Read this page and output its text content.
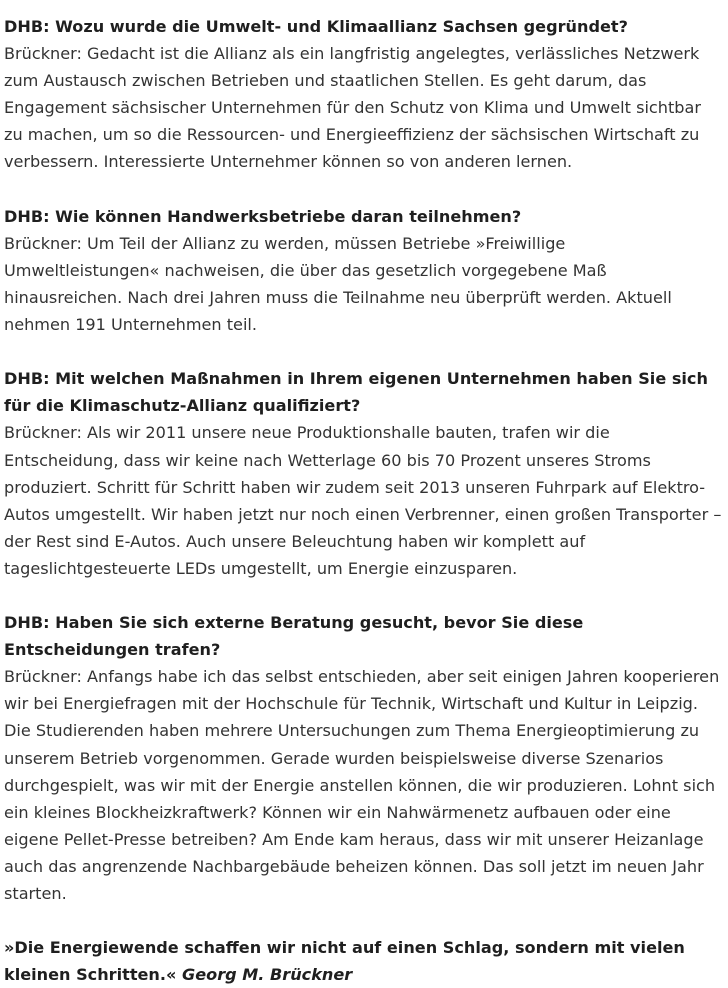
DHB: Wozu wurde die Umwelt- und Klimaallianz Sachsen gegründet?

Brückner: Gedacht ist die Allianz als ein langfristig angelegtes, verlässliches Netzwerk zum Austausch zwischen Betrieben und staatlichen Stellen. Es geht darum, das Engagement sächsischer Unternehmen für den Schutz von Klima und Umwelt sichtbar zu machen, um so die Ressourcen- und Energieeffizienz der sächsischen Wirtschaft zu verbessern. Interessierte Unternehmer können so von anderen lernen.

DHB: Wie können Handwerksbetriebe daran teilnehmen?

Brückner: Um Teil der Allianz zu werden, müssen Betriebe »Freiwillige Umweltleistungen« nachweisen, die über das gesetzlich vorgegebene Maß hinausreichen. Nach drei Jahren muss die Teilnahme neu überprüft werden. Aktuell nehmen 191 Unternehmen teil.

DHB: Mit welchen Maßnahmen in Ihrem eigenen Unternehmen haben Sie sich für die Klimaschutz-Allianz qualifiziert?

Brückner: Als wir 2011 unsere neue Produktionshalle bauten, trafen wir die Entscheidung, dass wir keine nach Wetterlage 60 bis 70 Prozent unseres Stroms produziert. Schritt für Schritt haben wir zudem seit 2013 unseren Fuhrpark auf Elektro-Autos umgestellt. Wir haben jetzt nur noch einen Verbrenner, einen großen Transporter – der Rest sind E-Autos. Auch unsere Beleuchtung haben wir komplett auf tageslichtgesteuerte LEDs umgestellt, um Energie einzusparen.

DHB: Haben Sie sich externe Beratung gesucht, bevor Sie diese Entscheidungen trafen?

Brückner: Anfangs habe ich das selbst entschieden, aber seit einigen Jahren kooperieren wir bei Energiefragen mit der Hochschule für Technik, Wirtschaft und Kultur in Leipzig. Die Studierenden haben mehrere Untersuchungen zum Thema Energieoptimierung zu unserem Betrieb vorgenommen. Gerade wurden beispielsweise diverse Szenarios durchgespielt, was wir mit der Energie anstellen können, die wir produzieren. Lohnt sich ein kleines Blockheizkraftwerk? Können wir ein Nahwärmenetz aufbauen oder eine eigene Pellet-Presse betreiben? Am Ende kam heraus, dass wir mit unserer Heizanlage auch das angrenzende Nachbargebäude beheizen können. Das soll jetzt im neuen Jahr starten.

»Die Energiewende schaffen wir nicht auf einen Schlag, sondern mit vielen kleinen Schritten.« Georg M. Brückner
